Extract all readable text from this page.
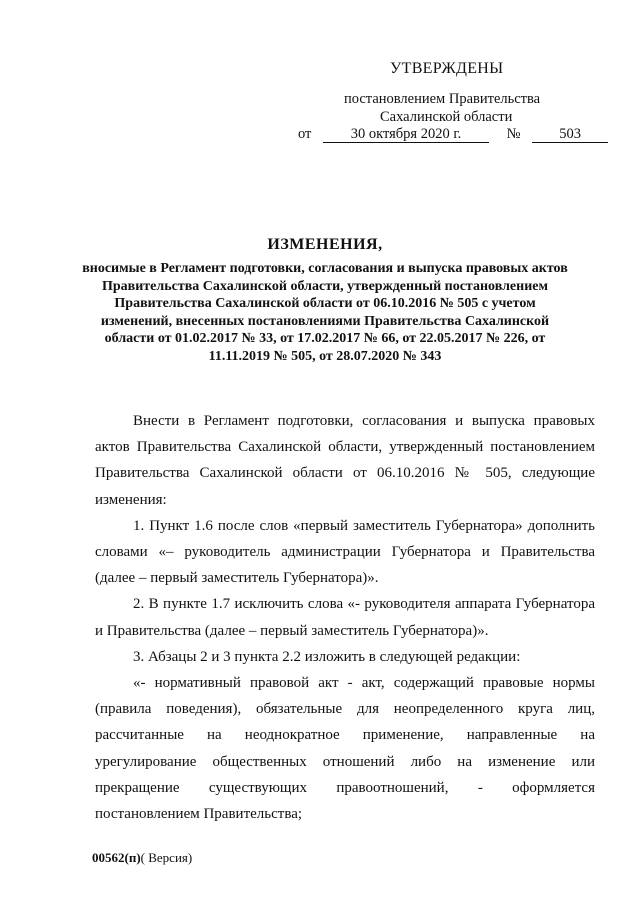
УТВЕРЖДЕНЫ
постановлением Правительства
Сахалинской области
от	30 октября 2020 г.	№	503
ИЗМЕНЕНИЯ,
вносимые в Регламент подготовки, согласования и выпуска правовых актов Правительства Сахалинской области, утвержденный постановлением Правительства Сахалинской области от 06.10.2016 № 505 с учетом изменений, внесенных постановлениями Правительства Сахалинской области от 01.02.2017 № 33, от 17.02.2017 № 66, от 22.05.2017 № 226, от 11.11.2019 № 505, от 28.07.2020 № 343

Внести в Регламент подготовки, согласования и выпуска правовых актов Правительства Сахалинской области, утвержденный постановлением Правительства Сахалинской области от 06.10.2016 № 505, следующие изменения:

1. Пункт 1.6 после слов «первый заместитель Губернатора» дополнить словами «– руководитель администрации Губернатора и Правительства (далее – первый заместитель Губернатора)».

2. В пункте 1.7 исключить слова «- руководителя аппарата Губернатора и Правительства (далее – первый заместитель Губернатора)».

3. Абзацы 2 и 3 пункта 2.2 изложить в следующей редакции:

«- нормативный правовой акт - акт, содержащий правовые нормы (правила поведения), обязательные для неопределенного круга лиц, рассчитанные на неоднократное применение, направленные на урегулирование общественных отношений либо на изменение или прекращение существующих правоотношений, - оформляется постановлением Правительства;

00562(п)( Версия)
